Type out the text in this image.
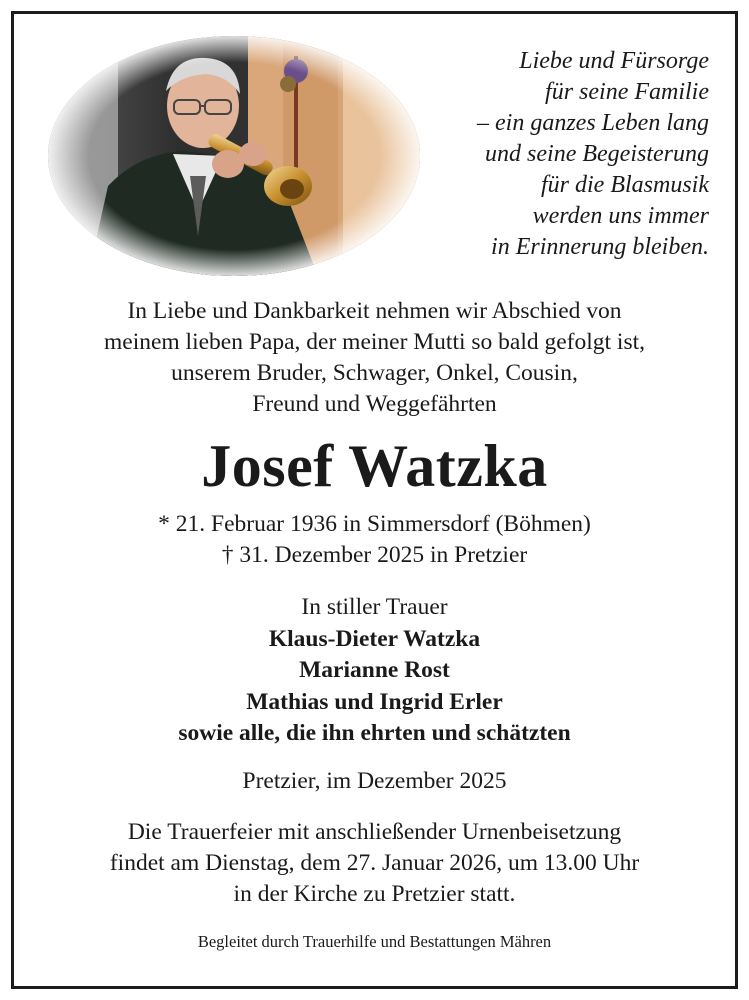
Liebe und Fürsorge
für seine Familie
– ein ganzes Leben lang
und seine Begeisterung
für die Blasmusik
werden uns immer
in Erinnerung bleiben.
In Liebe und Dankbarkeit nehmen wir Abschied von
meinem lieben Papa, der meiner Mutti so bald gefolgt ist,
unserem Bruder, Schwager, Onkel, Cousin,
Freund und Weggefährten
Josef Watzka
* 21. Februar 1936 in Simmersdorf (Böhmen)
† 31. Dezember 2025 in Pretzier
In stiller Trauer
Klaus-Dieter Watzka
Marianne Rost
Mathias und Ingrid Erler
sowie alle, die ihn ehrten und schätzten
Pretzier, im Dezember 2025
Die Trauerfeier mit anschließender Urnenbeisetzung
findet am Dienstag, dem 27. Januar 2026, um 13.00 Uhr
in der Kirche zu Pretzier statt.
Begleitet durch Trauerhilfe und Bestattungen Mähren
